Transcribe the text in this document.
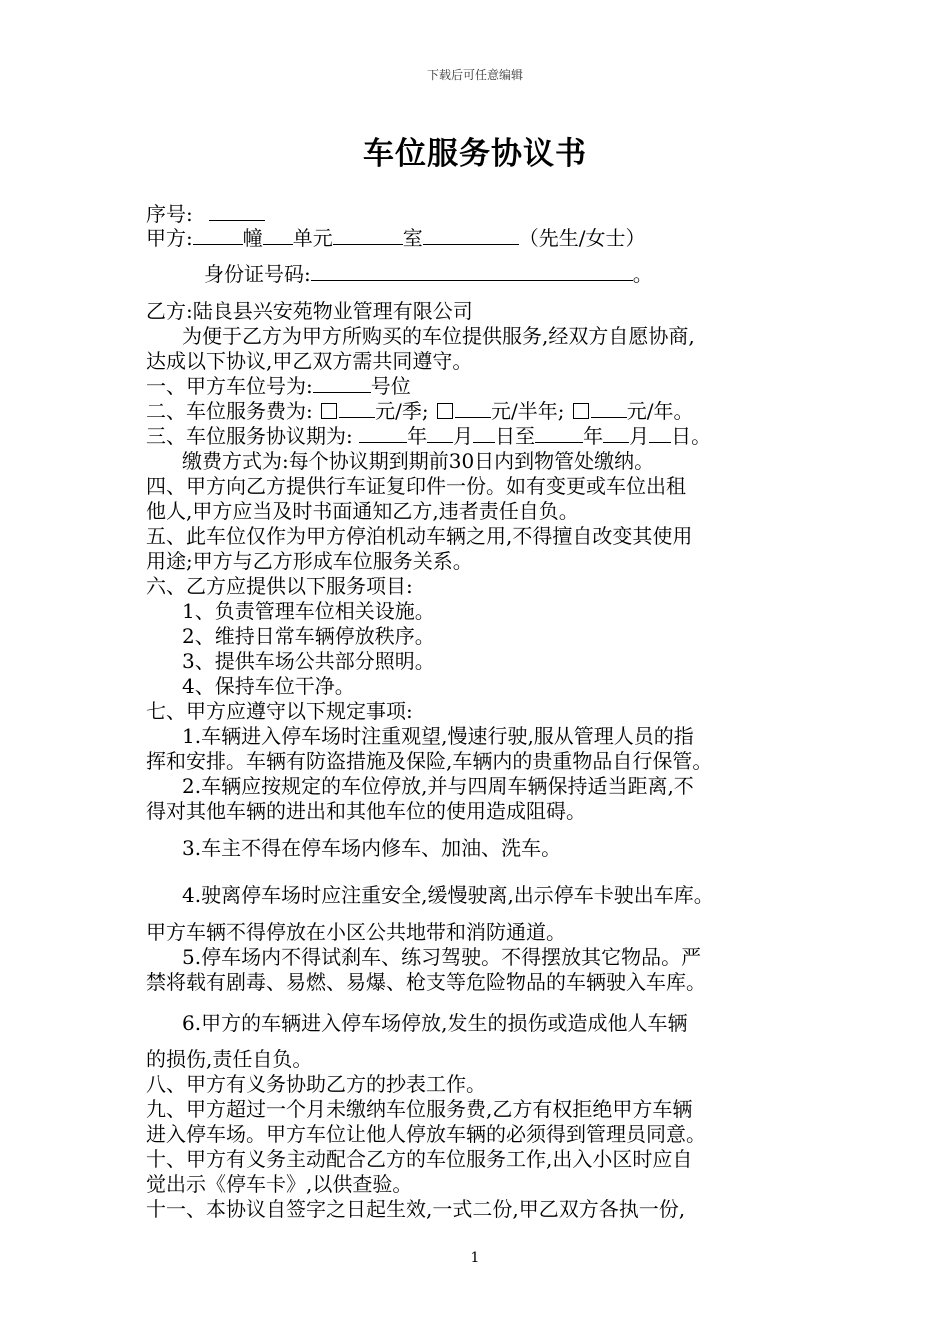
下载后可任意编辑
车位服务协议书
序号:
甲方:	幢 单元	室	（先生/女士）
身份证号码:	。
乙方:陆良县兴安苑物业管理有限公司
为便于乙方为甲方所购买的车位提供服务,经双方自愿协商,
达成以下协议,甲乙双方需共同遵守。
一、甲方车位号为:	号位
二、车位服务费为:	元/季;	元/半年;	元/年。
三、车位服务协议期为:	年 月 日至 年 月 日。
缴费方式为:每个协议期到期前30日内到物管处缴纳。
四、甲方向乙方提供行车证复印件一份。如有变更或车位出租
他人,甲方应当及时书面通知乙方,违者责任自负。
五、此车位仅作为甲方停泊机动车辆之用,不得擅自改变其使用
用途;甲方与乙方形成车位服务关系。
六、乙方应提供以下服务项目:
1、负责管理车位相关设施。
2、维持日常车辆停放秩序。
3、提供车场公共部分照明。
4、保持车位干净。
七、甲方应遵守以下规定事项:
1.车辆进入停车场时注重观望,慢速行驶,服从管理人员的指
挥和安排。车辆有防盗措施及保险,车辆内的贵重物品自行保管。
2.车辆应按规定的车位停放,并与四周车辆保持适当距离,不
得对其他车辆的进出和其他车位的使用造成阻碍。
3.车主不得在停车场内修车、加油、洗车。
4.驶离停车场时应注重安全,缓慢驶离,出示停车卡驶出车库。
甲方车辆不得停放在小区公共地带和消防通道。
5.停车场内不得试刹车、练习驾驶。不得摆放其它物品。严
禁将载有剧毒、易燃、易爆、枪支等危险物品的车辆驶入车库。
6.甲方的车辆进入停车场停放,发生的损伤或造成他人车辆
的损伤,责任自负。
八、甲方有义务协助乙方的抄表工作。
九、甲方超过一个月未缴纳车位服务费,乙方有权拒绝甲方车辆
进入停车场。甲方车位让他人停放车辆的必须得到管理员同意。
十、甲方有义务主动配合乙方的车位服务工作,出入小区时应自
觉出示《停车卡》,以供查验。
十一、本协议自签字之日起生效,一式二份,甲乙双方各执一份,
1
